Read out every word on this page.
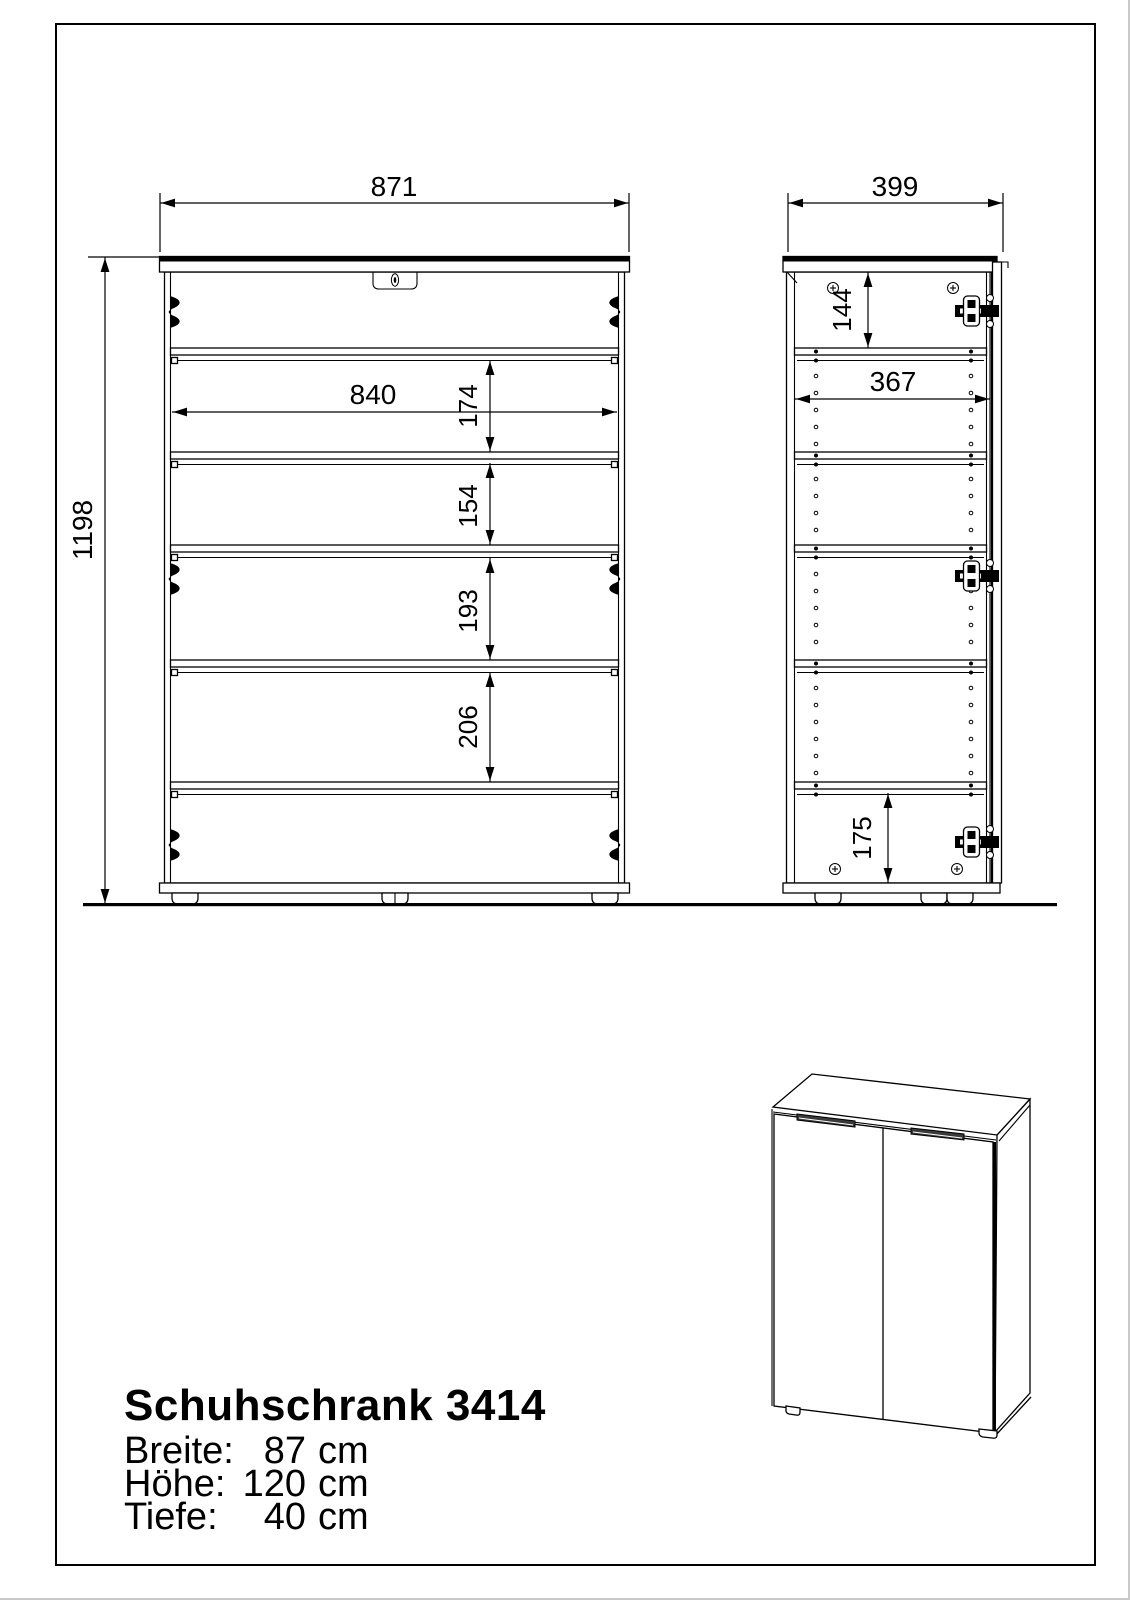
871	399
1198
840	367
174
154
193
206
144
175
Schuhschrank 3414
Breite: 87 cm
Höhe: 120 cm
Tiefe:	40 cm
